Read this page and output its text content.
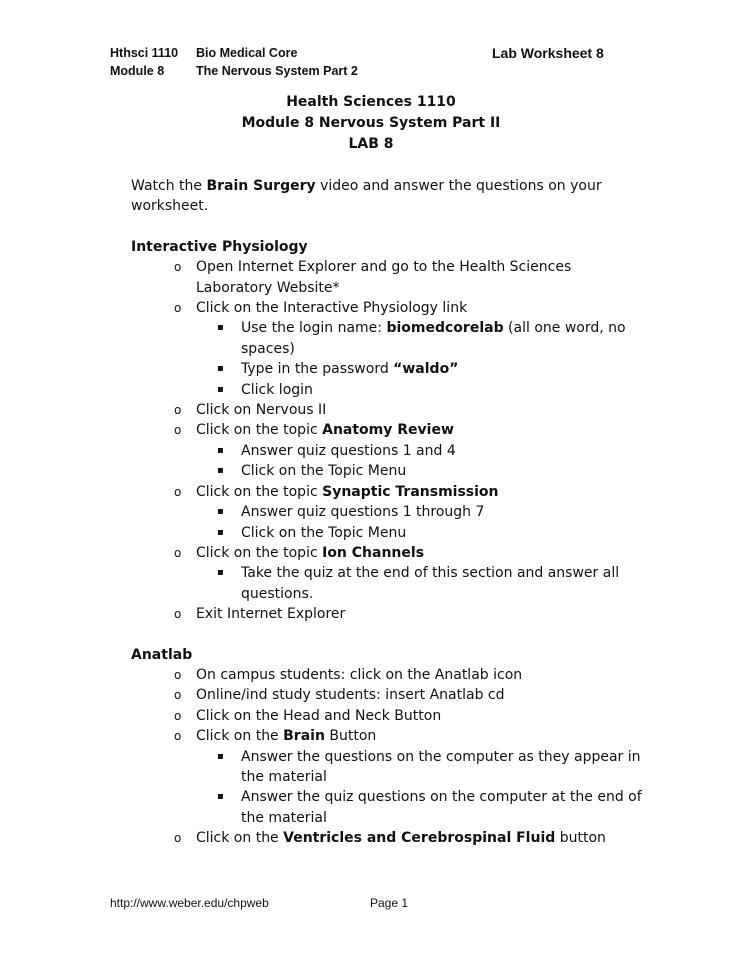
Hthsci 1110
Module 8
Bio Medical Core
The Nervous System Part 2
Lab Worksheet 8
Health Sciences 1110
Module 8 Nervous System Part II
LAB 8

Watch the Brain Surgery video and answer the questions on your worksheet.

Interactive Physiology

o Open Internet Explorer and go to the Health Sciences Laboratory Website*
o Click on the Interactive Physiology link
▪ Use the login name: biomedcorelab (all one word, no spaces)
▪ Type in the password “waldo”
▪ Click login
o Click on Nervous II
o Click on the topic Anatomy Review
▪ Answer quiz questions 1 and 4
▪ Click on the Topic Menu
o Click on the topic Synaptic Transmission
▪ Answer quiz questions 1 through 7
▪ Click on the Topic Menu
o Click on the topic Ion Channels
▪ Take the quiz at the end of this section and answer all questions.
o Exit Internet Explorer

Anatlab

o On campus students: click on the Anatlab icon
o Online/ind study students: insert Anatlab cd
o Click on the Head and Neck Button
o Click on the Brain Button
▪ Answer the questions on the computer as they appear in the material
▪ Answer the quiz questions on the computer at the end of the material
o Click on the Ventricles and Cerebrospinal Fluid button
http://www.weber.edu/chpweb	Page 1
